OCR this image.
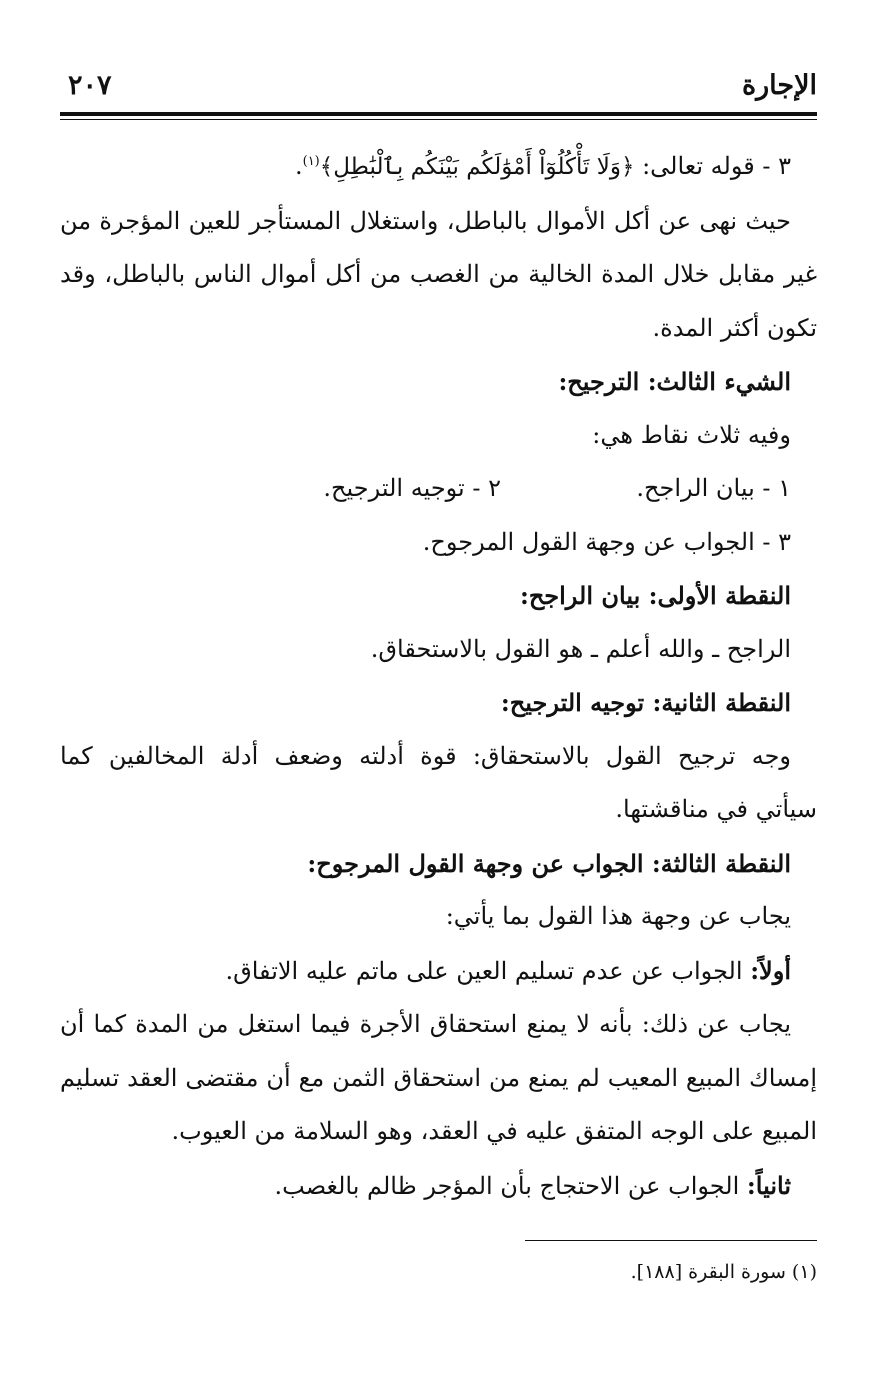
الإجارة
٢٠٧
٣ - قوله تعالى: ﴿وَلَا تَأْكُلُوٓاْ أَمْوَٰلَكُم بَيْنَكُم بِٱلْبَٰطِلِ﴾$^{(١)}$.
حيث نهى عن أكل الأموال بالباطل، واستغلال المستأجر للعين المؤجرة من
غير مقابل خلال المدة الخالية من الغصب من أكل أموال الناس بالباطل، وقد
تكون أكثر المدة.
الشيء الثالث: الترجيح:
وفيه ثلاث نقاط هي:
١ - بيان الراجح.
٢ - توجيه الترجيح.
٣ - الجواب عن وجهة القول المرجوح.
النقطة الأولى: بيان الراجح:
الراجح ـ والله أعلم ـ هو القول بالاستحقاق.
النقطة الثانية: توجيه الترجيح:
وجه ترجيح القول بالاستحقاق: قوة أدلته وضعف أدلة المخالفين كما
سيأتي في مناقشتها.
النقطة الثالثة: الجواب عن وجهة القول المرجوح:
يجاب عن وجهة هذا القول بما يأتي:
أولاً: الجواب عن عدم تسليم العين على ماتم عليه الاتفاق.
يجاب عن ذلك: بأنه لا يمنع استحقاق الأجرة فيما استغل من المدة كما أن
إمساك المبيع المعيب لم يمنع من استحقاق الثمن مع أن مقتضى العقد تسليم
المبيع على الوجه المتفق عليه في العقد، وهو السلامة من العيوب.
ثانياً: الجواب عن الاحتجاج بأن المؤجر ظالم بالغصب.
(١) سورة البقرة [١٨٨].
